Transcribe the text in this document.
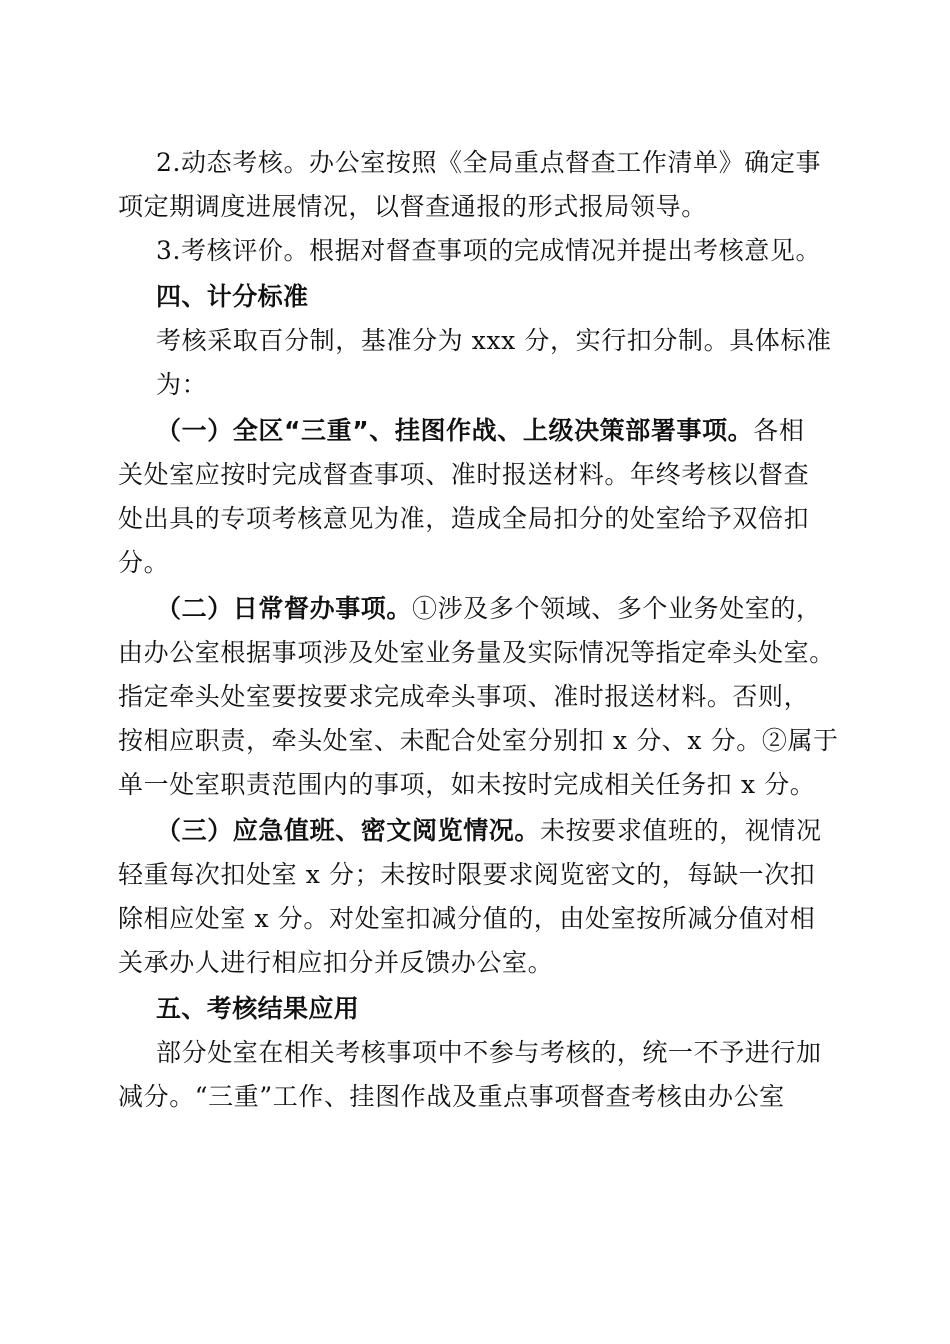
2.动态考核。办公室按照《全局重点督查工作清单》确定事
项定期调度进展情况，以督查通报的形式报局领导。
3.考核评价。根据对督查事项的完成情况并提出考核意见。
四、计分标准
考核采取百分制，基准分为 xxx 分，实行扣分制。具体标准
为：
（一）全区“三重”、挂图作战、上级决策部署事项。各相
关处室应按时完成督查事项、准时报送材料。年终考核以督查
处出具的专项考核意见为准，造成全局扣分的处室给予双倍扣
分。
（二）日常督办事项。①涉及多个领域、多个业务处室的，
由办公室根据事项涉及处室业务量及实际情况等指定牵头处室。
指定牵头处室要按要求完成牵头事项、准时报送材料。否则，
按相应职责，牵头处室、未配合处室分别扣 x 分、x 分。②属于
单一处室职责范围内的事项，如未按时完成相关任务扣 x 分。
（三）应急值班、密文阅览情况。未按要求值班的，视情况
轻重每次扣处室 x 分；未按时限要求阅览密文的，每缺一次扣
除相应处室 x 分。对处室扣减分值的，由处室按所减分值对相
关承办人进行相应扣分并反馈办公室。
五、考核结果应用
部分处室在相关考核事项中不参与考核的，统一不予进行加
减分。“三重”工作、挂图作战及重点事项督查考核由办公室
